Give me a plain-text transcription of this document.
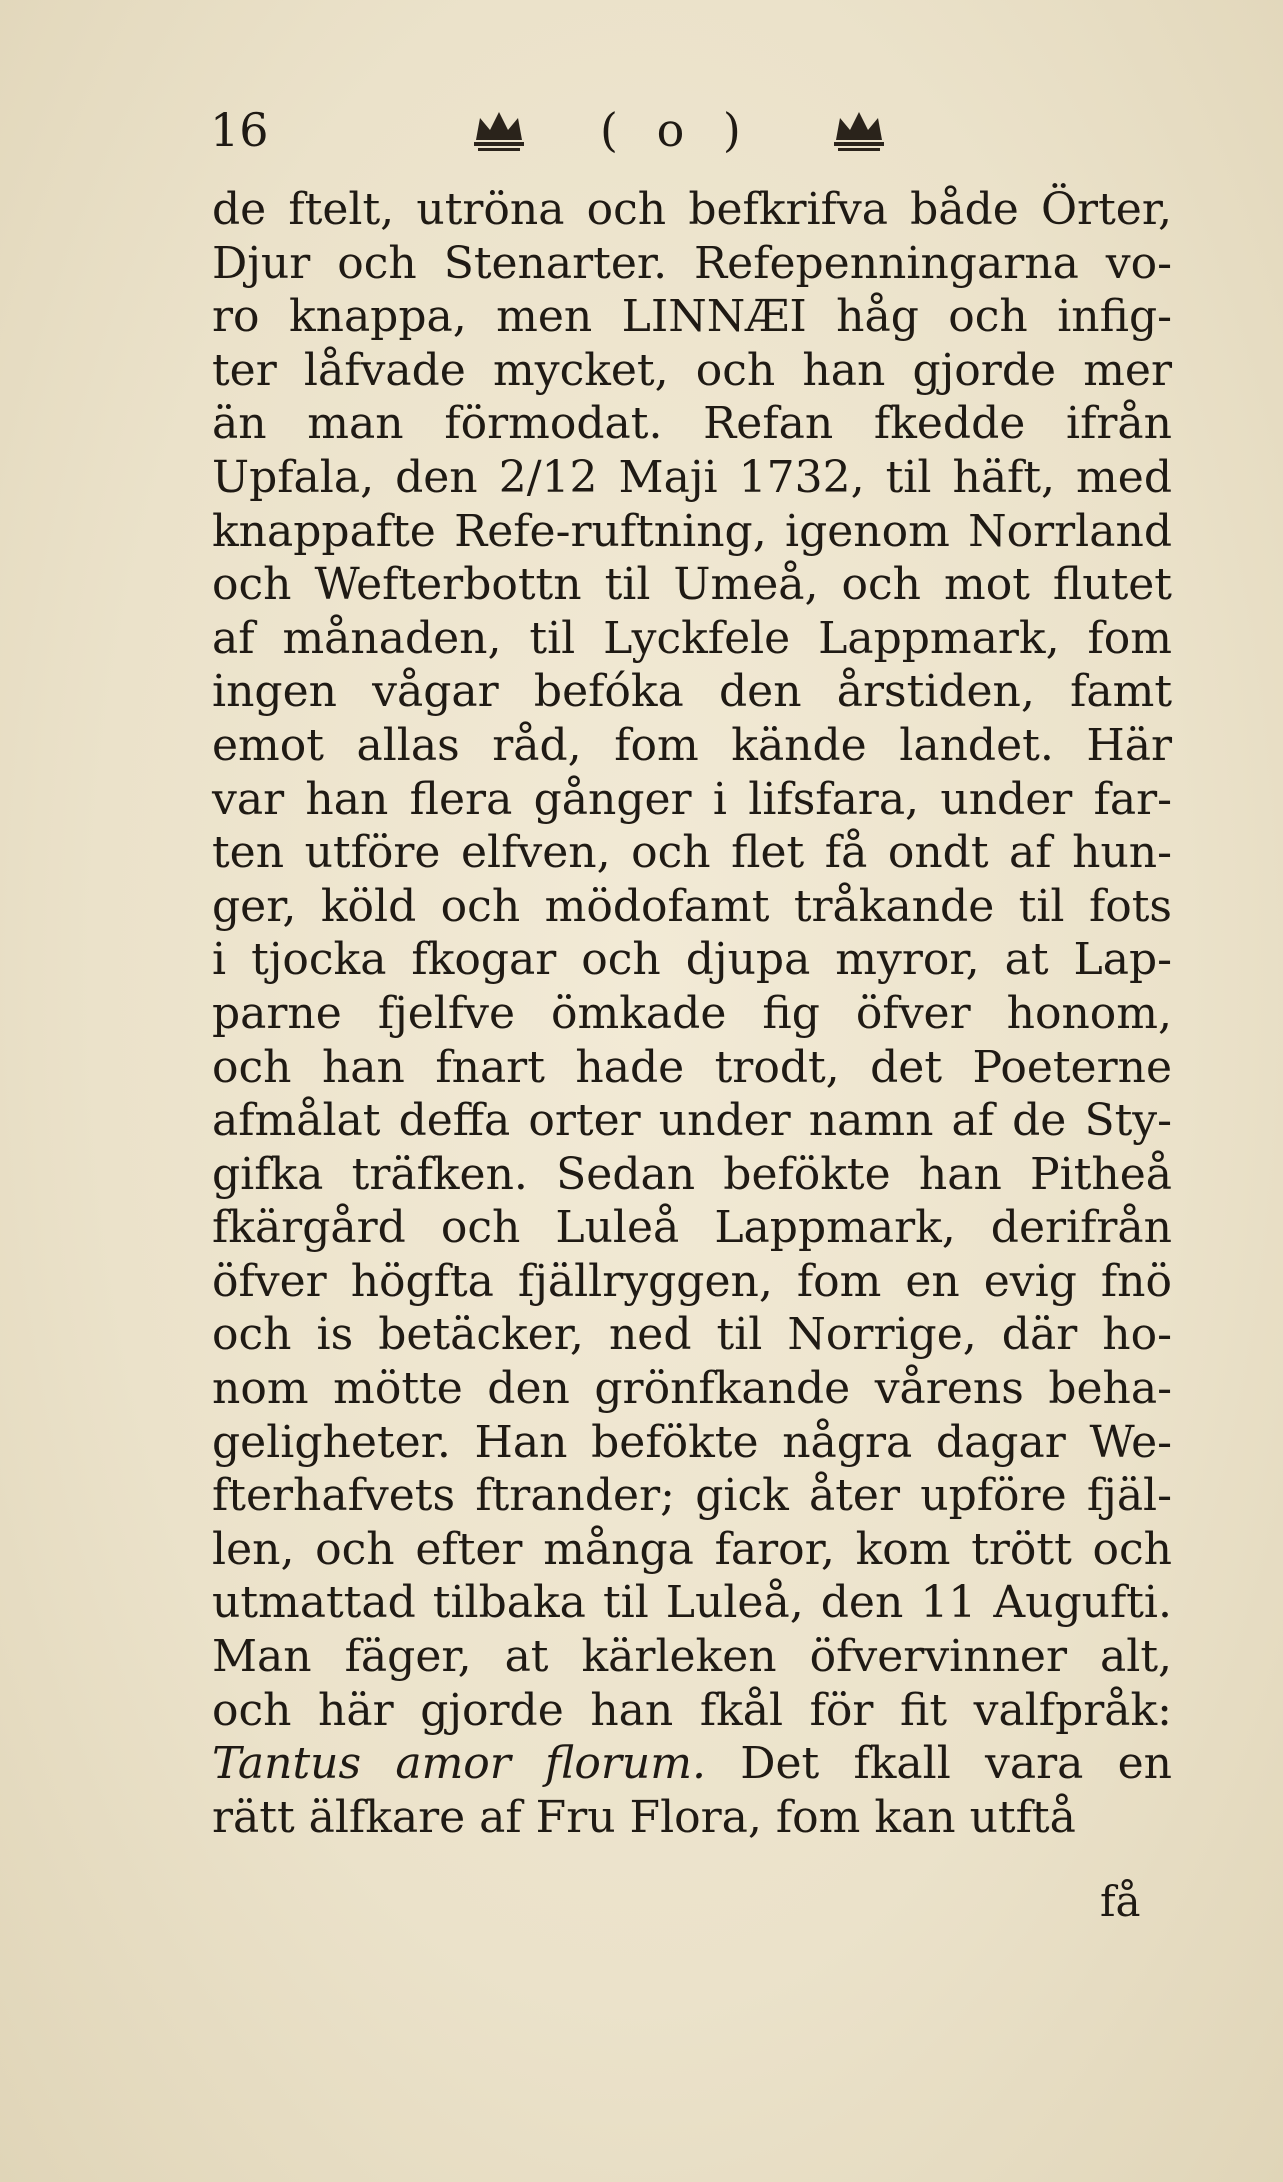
16	( o )
de ftelt, utröna och befkrifva både Örter,
Djur och Stenarter. Refepenningarna vo-
ro knappa, men LINNÆI håg och infig-
ter låfvade mycket, och han gjorde mer
än man förmodat. Refan fkedde ifrån
Upfala, den 2/12 Maji 1732, til häft, med
knappafte Refe-ruftning, igenom Norrland
och Wefterbottn til Umeå, och mot flutet
af månaden, til Lyckfele Lappmark, fom
ingen vågar befóka den årstiden, famt
emot allas råd, fom kände landet. Här
var han flera gånger i lifsfara, under far-
ten utföre elfven, och flet få ondt af hun-
ger, köld och mödofamt tråkande til fots
i tjocka fkogar och djupa myror, at Lap-
parne fjelfve ömkade fig öfver honom,
och han fnart hade trodt, det Poeterne
afmålat deffa orter under namn af de Sty-
gifka träfken. Sedan befökte han Pitheå
fkärgård och Luleå Lappmark, derifrån
öfver högfta fjällryggen, fom en evig fnö
och is betäcker, ned til Norrige, där ho-
nom mötte den grönfkande vårens beha-
geligheter. Han befökte några dagar We-
fterhafvets ftrander; gick åter upföre fjäl-
len, och efter många faror, kom trött och
utmattad tilbaka til Luleå, den 11 Augufti.
Man fäger, at kärleken öfvervinner alt,
och här gjorde han fkål för fit valfpråk:
Tantus amor florum. Det fkall vara en
rätt älfkare af Fru Flora, fom kan utftå
få
